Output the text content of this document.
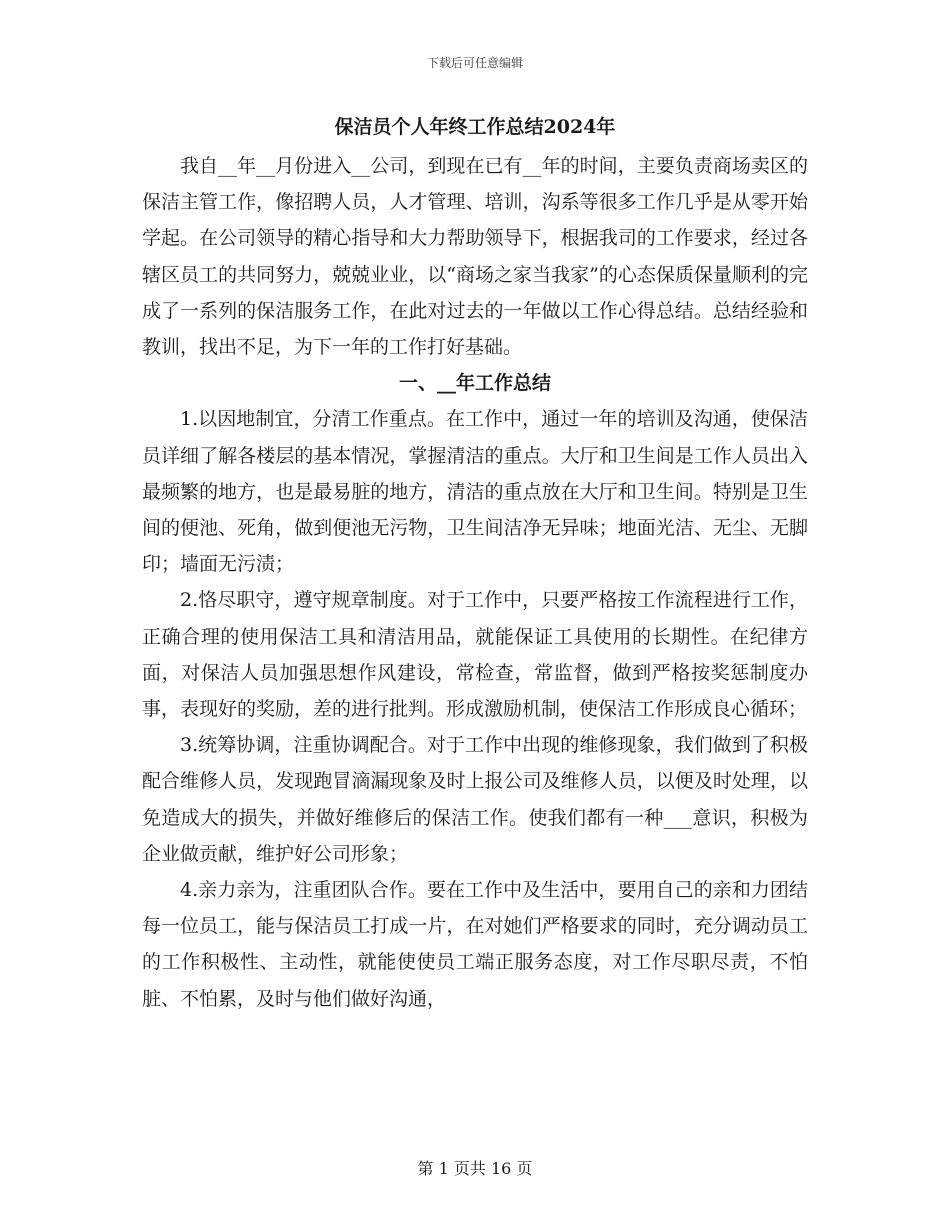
下载后可任意编辑
保洁员个人年终工作总结2024年

我自__年__月份进入__公司，到现在已有__年的时间，主要负责商场卖区的保洁主管工作，像招聘人员，人才管理、培训，沟系等很多工作几乎是从零开始学起。在公司领导的精心指导和大力帮助领导下，根据我司的工作要求，经过各辖区员工的共同努力，兢兢业业，以“商场之家当我家”的心态保质保量顺利的完成了一系列的保洁服务工作，在此对过去的一年做以工作心得总结。总结经验和教训，找出不足，为下一年的工作打好基础。

一、__年工作总结

1.以因地制宜，分清工作重点。在工作中，通过一年的培训及沟通，使保洁员详细了解各楼层的基本情况，掌握清洁的重点。大厅和卫生间是工作人员出入最频繁的地方，也是最易脏的地方，清洁的重点放在大厅和卫生间。特别是卫生间的便池、死角，做到便池无污物，卫生间洁净无异味；地面光洁、无尘、无脚印；墙面无污渍；

2.恪尽职守，遵守规章制度。对于工作中，只要严格按工作流程进行工作，正确合理的使用保洁工具和清洁用品，就能保证工具使用的长期性。在纪律方面，对保洁人员加强思想作风建设，常检查，常监督，做到严格按奖惩制度办事，表现好的奖励，差的进行批判。形成激励机制，使保洁工作形成良心循环；

3.统筹协调，注重协调配合。对于工作中出现的维修现象，我们做到了积极配合维修人员，发现跑冒滴漏现象及时上报公司及维修人员，以便及时处理，以免造成大的损失，并做好维修后的保洁工作。使我们都有一种___意识，积极为企业做贡献，维护好公司形象；

4.亲力亲为，注重团队合作。要在工作中及生活中，要用自己的亲和力团结每一位员工，能与保洁员工打成一片，在对她们严格要求的同时，充分调动员工的工作积极性、主动性，就能使使员工端正服务态度，对工作尽职尽责，不怕脏、不怕累，及时与他们做好沟通，

第 1 页共 16 页
